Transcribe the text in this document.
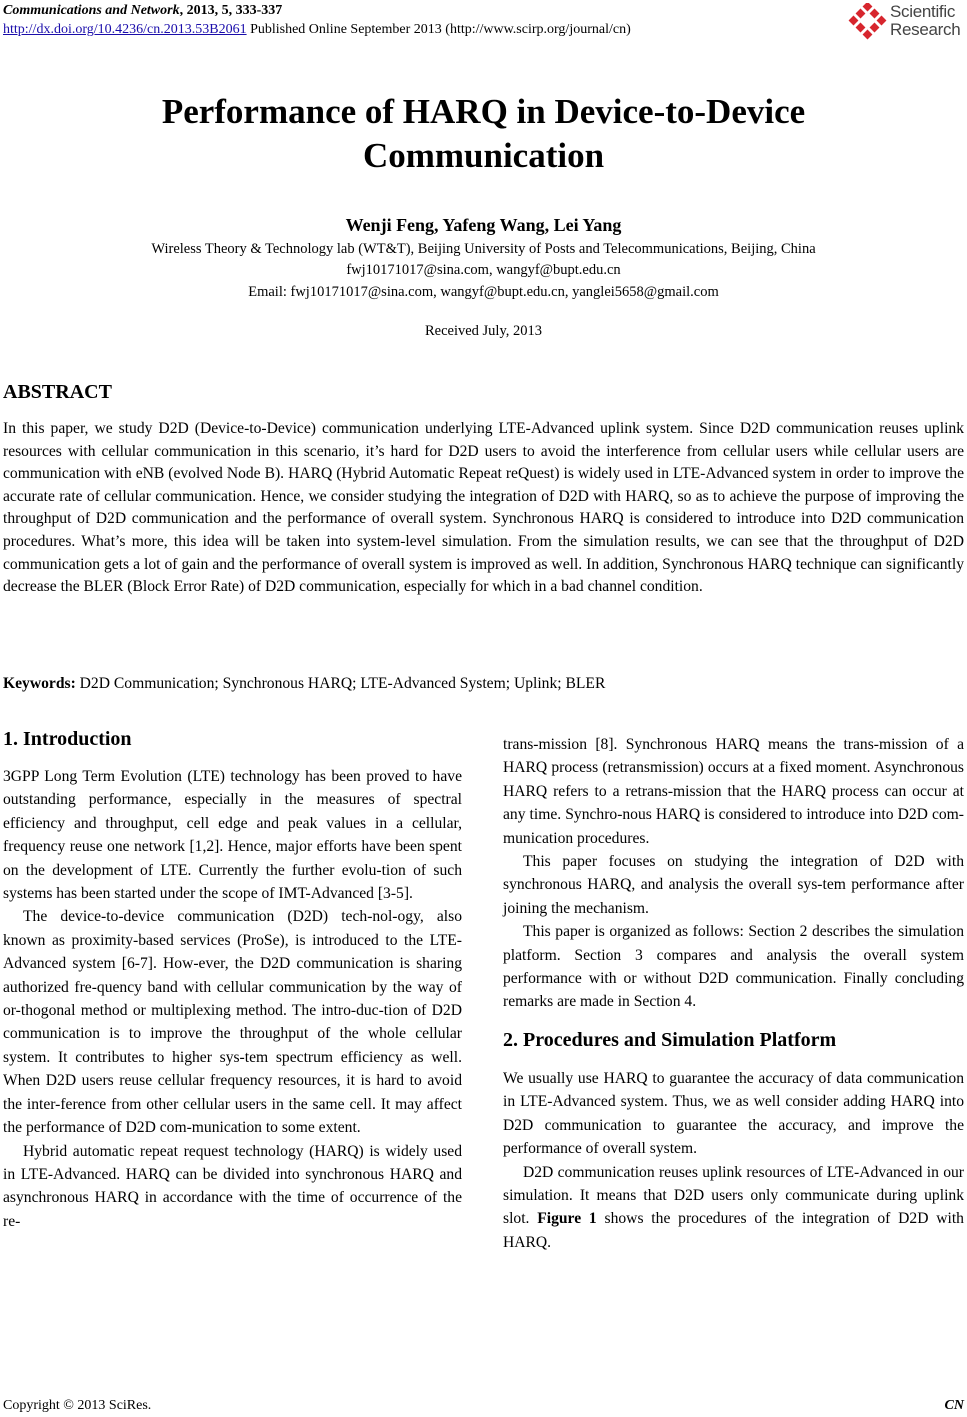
Communications and Network, 2013, 5, 333-337
http://dx.doi.org/10.4236/cn.2013.53B2061 Published Online September 2013 (http://www.scirp.org/journal/cn)
Scientific
Research
Performance of HARQ in Device-to-Device
Communication
Wenji Feng, Yafeng Wang, Lei Yang
Wireless Theory & Technology lab (WT&T), Beijing University of Posts and Telecommunications, Beijing, China
fwj10171017@sina.com, wangyf@bupt.edu.cn
Email: fwj10171017@sina.com, wangyf@bupt.edu.cn, yanglei5658@gmail.com
Received July, 2013
ABSTRACT
In this paper, we study D2D (Device-to-Device) communication underlying LTE-Advanced uplink system. Since D2D communication reuses uplink resources with cellular communication in this scenario, it’s hard for D2D users to avoid the interference from cellular users while cellular users are communication with eNB (evolved Node B). HARQ (Hybrid Automatic Repeat reQuest) is widely used in LTE-Advanced system in order to improve the accurate rate of cellular communication. Hence, we consider studying the integration of D2D with HARQ, so as to achieve the purpose of improving the throughput of D2D communication and the performance of overall system. Synchronous HARQ is considered to introduce into D2D communication procedures. What’s more, this idea will be taken into system-level simulation. From the simulation results, we can see that the throughput of D2D communication gets a lot of gain and the performance of overall system is improved as well. In addition, Synchronous HARQ technique can significantly decrease the BLER (Block Error Rate) of D2D communication, especially for which in a bad channel condition.
Keywords: D2D Communication; Synchronous HARQ; LTE-Advanced System; Uplink; BLER
1. Introduction

3GPP Long Term Evolution (LTE) technology has been proved to have outstanding performance, especially in the measures of spectral efficiency and throughput, cell edge and peak values in a cellular, frequency reuse one network [1,2]. Hence, major efforts have been spent on the development of LTE. Currently the further evolu-tion of such systems has been started under the scope of IMT-Advanced [3-5].

The device-to-device communication (D2D) tech-nol-ogy, also known as proximity-based services (ProSe), is introduced to the LTE-Advanced system [6-7]. How-ever, the D2D communication is sharing authorized fre-quency band with cellular communication by the way of or-thogonal method or multiplexing method. The intro-duc-tion of D2D communication is to improve the throughput of the whole cellular system. It contributes to higher sys-tem spectrum efficiency as well. When D2D users reuse cellular frequency resources, it is hard to avoid the inter-ference from other cellular users in the same cell. It may affect the performance of D2D com-munication to some extent.

Hybrid automatic repeat request technology (HARQ) is widely used in LTE-Advanced. HARQ can be divided into synchronous HARQ and asynchronous HARQ in accordance with the time of occurrence of the re-

trans-mission [8]. Synchronous HARQ means the trans-mission of a HARQ process (retransmission) occurs at a fixed moment. Asynchronous HARQ refers to a retrans-mission that the HARQ process can occur at any time. Synchro-nous HARQ is considered to introduce into D2D com-munication procedures.

This paper focuses on studying the integration of D2D with synchronous HARQ, and analysis the overall sys-tem performance after joining the mechanism.

This paper is organized as follows: Section 2 describes the simulation platform. Section 3 compares and analysis the overall system performance with or without D2D communication. Finally concluding remarks are made in Section 4.

2. Procedures and Simulation Platform

We usually use HARQ to guarantee the accuracy of data communication in LTE-Advanced system. Thus, we as well consider adding HARQ into D2D communication to guarantee the accuracy, and improve the performance of overall system.

D2D communication reuses uplink resources of LTE-Advanced in our simulation. It means that D2D users only communicate during uplink slot. Figure 1 shows the procedures of the integration of D2D with HARQ.

Copyright © 2013 SciRes.	CN
